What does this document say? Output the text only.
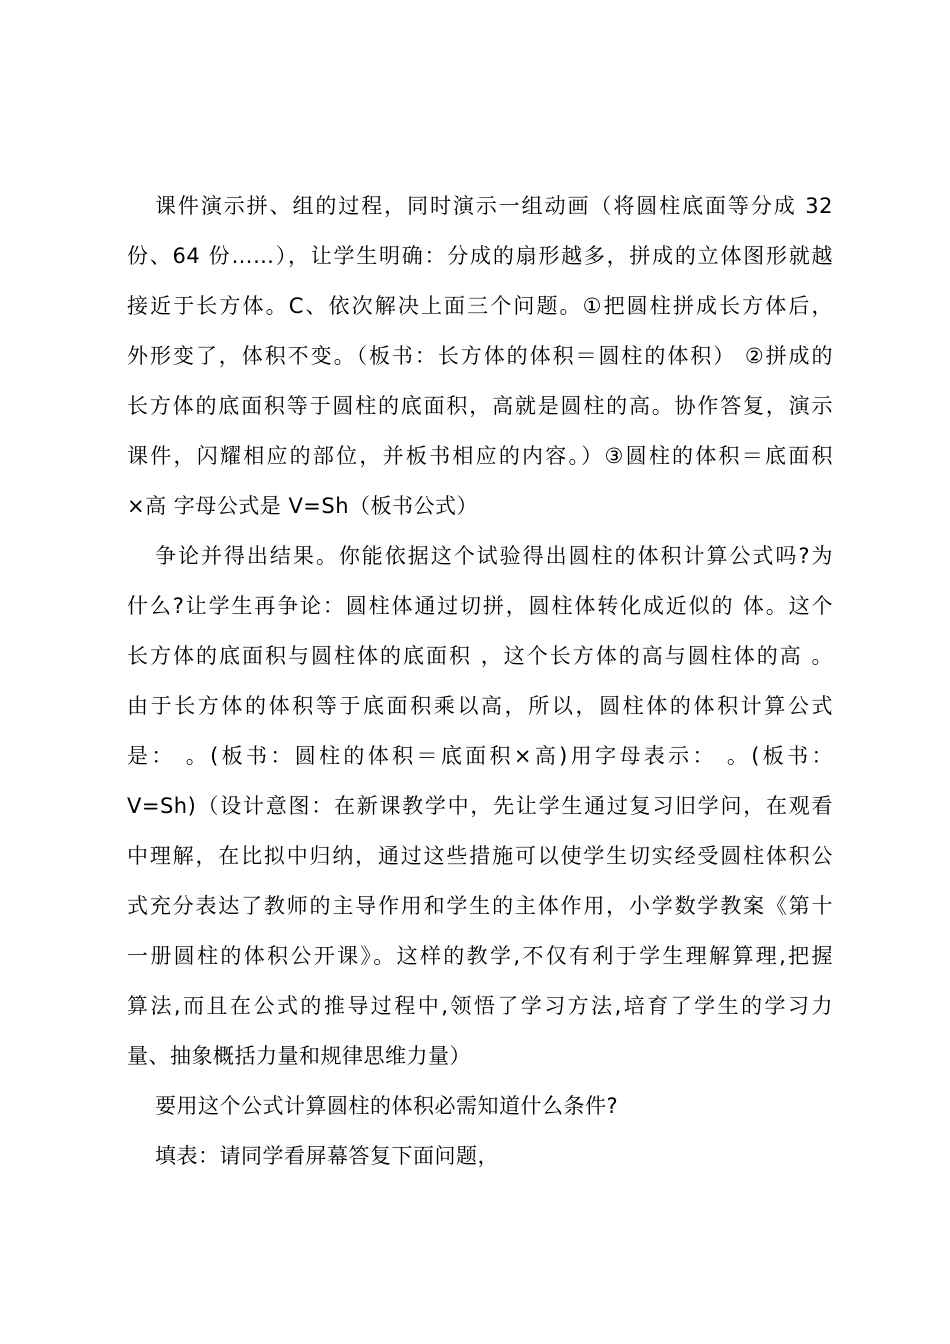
课件演示拼、组的过程，同时演示一组动画（将圆柱底面等分成 32
份、64 份……），让学生明确：分成的扇形越多，拼成的立体图形就越
接近于长方体。C、依次解决上面三个问题。①把圆柱拼成长方体后，
外形变了，体积不变。（板书：长方体的体积＝圆柱的体积） ②拼成的
长方体的底面积等于圆柱的底面积，高就是圆柱的高。协作答复，演示
课件，闪耀相应的部位，并板书相应的内容。）③圆柱的体积＝底面积
×高 字母公式是 V=Sh（板书公式）
争论并得出结果。你能依据这个试验得出圆柱的体积计算公式吗?为
什么?让学生再争论：圆柱体通过切拼，圆柱体转化成近似的 体。这个
长方体的底面积与圆柱体的底面积 ，这个长方体的高与圆柱体的高 。
由于长方体的体积等于底面积乘以高，所以，圆柱体的体积计算公式
是： 。(板书：圆柱的体积＝底面积×高)用字母表示： 。(板书：
V=Sh)（设计意图：在新课教学中，先让学生通过复习旧学问，在观看
中理解，在比拟中归纳，通过这些措施可以使学生切实经受圆柱体积公
式充分表达了教师的主导作用和学生的主体作用，小学数学教案《第十
一册圆柱的体积公开课》。这样的教学,不仅有利于学生理解算理,把握
算法,而且在公式的推导过程中,领悟了学习方法,培育了学生的学习力
量、抽象概括力量和规律思维力量）
要用这个公式计算圆柱的体积必需知道什么条件?
填表：请同学看屏幕答复下面问题，
